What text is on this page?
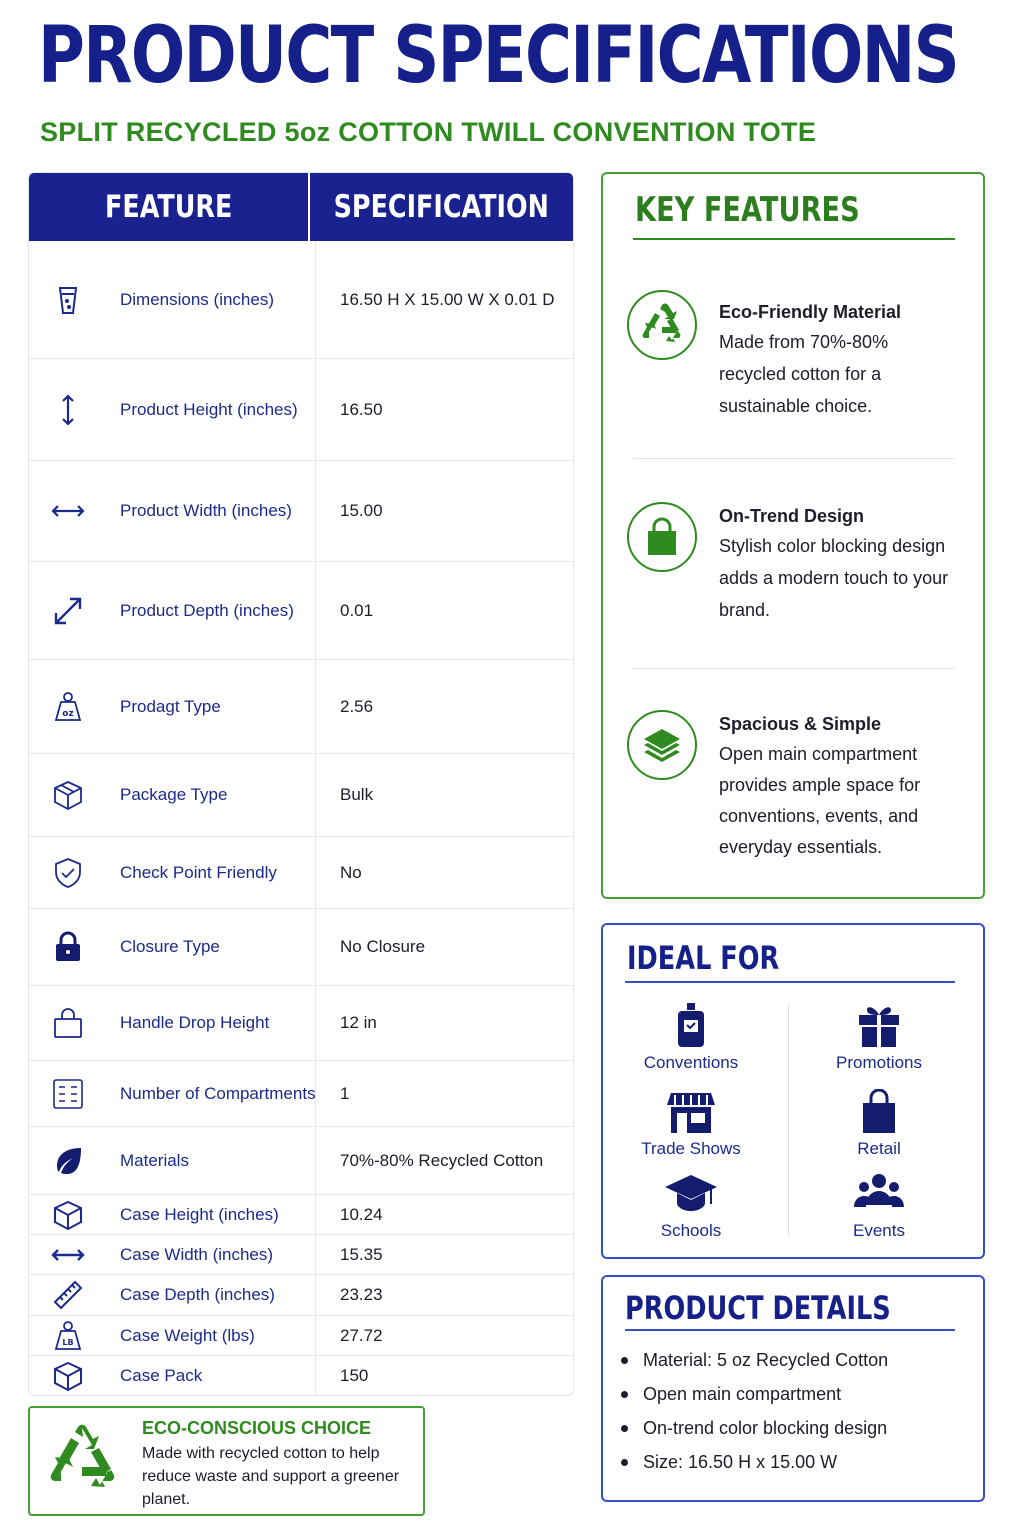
PRODUCT SPECIFICATIONS
SPLIT RECYCLED 5oz COTTON TWILL CONVENTION TOTE
FEATURE	SPECIFICATION
Dimensions (inches)	16.50 H X 15.00 W X 0.01 D
Product Height (inches) 16.50
Product Width (inches)	15.00
Product Depth (inches)	0.01
oz	Prodagt Type	2.56
Package Type	Bulk
Check Point Friendly	No
Closure Type	No Closure
Handle Drop Height	12 in
Number of Compartments 1
Materials	70%-80% Recycled Cotton
Case Height (inches)	10.24
Case Width (inches)	15.35
Case Depth (inches)	23.23
LB	Case Weight (lbs)	27.72
Case Pack	150
ECO-CONSCIOUS CHOICE
Made with recycled cotton to help reduce waste and support a greener planet.
KEY FEATURES
Eco-Friendly Material
Made from 70%-80% recycled cotton for a sustainable choice.
On-Trend Design
Stylish color blocking design adds a modern touch to your brand.
Spacious & Simple
Open main compartment provides ample space for conventions, events, and everyday essentials.
IDEAL FOR
Conventions	Promotions
Trade Shows	Retail
Schools	Events
PRODUCT DETAILS
Material: 5 oz Recycled Cotton
Open main compartment
On-trend color blocking design
Size: 16.50 H x 15.00 W
